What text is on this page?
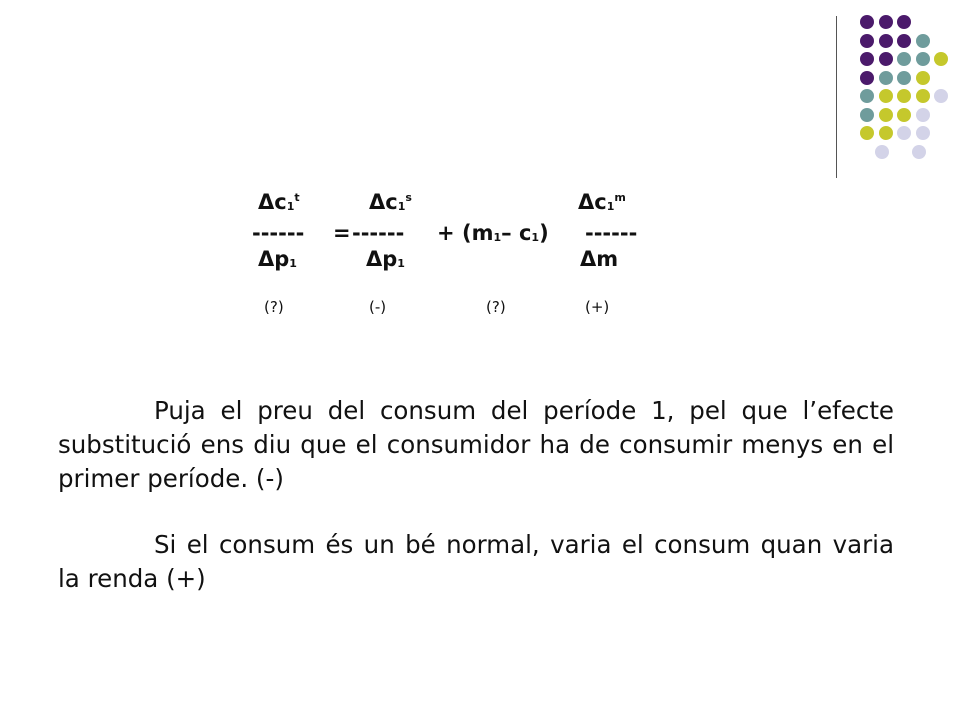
$\Delta c_1^t$	$\Delta c_1^s$	$\Delta c_1^m$
------ = ------ + ($m_1-$ $c_1$) ------
$\Delta p_1$	$\Delta p_1$	Δm
(?)	(-)	(?)	(+)

Puja el preu del consum del període 1, pel que l’efecte substitució ens diu que el consumidor ha de consumir menys en el primer període. (-)

Si el consum és un bé normal, varia el consum quan varia la renda (+)
